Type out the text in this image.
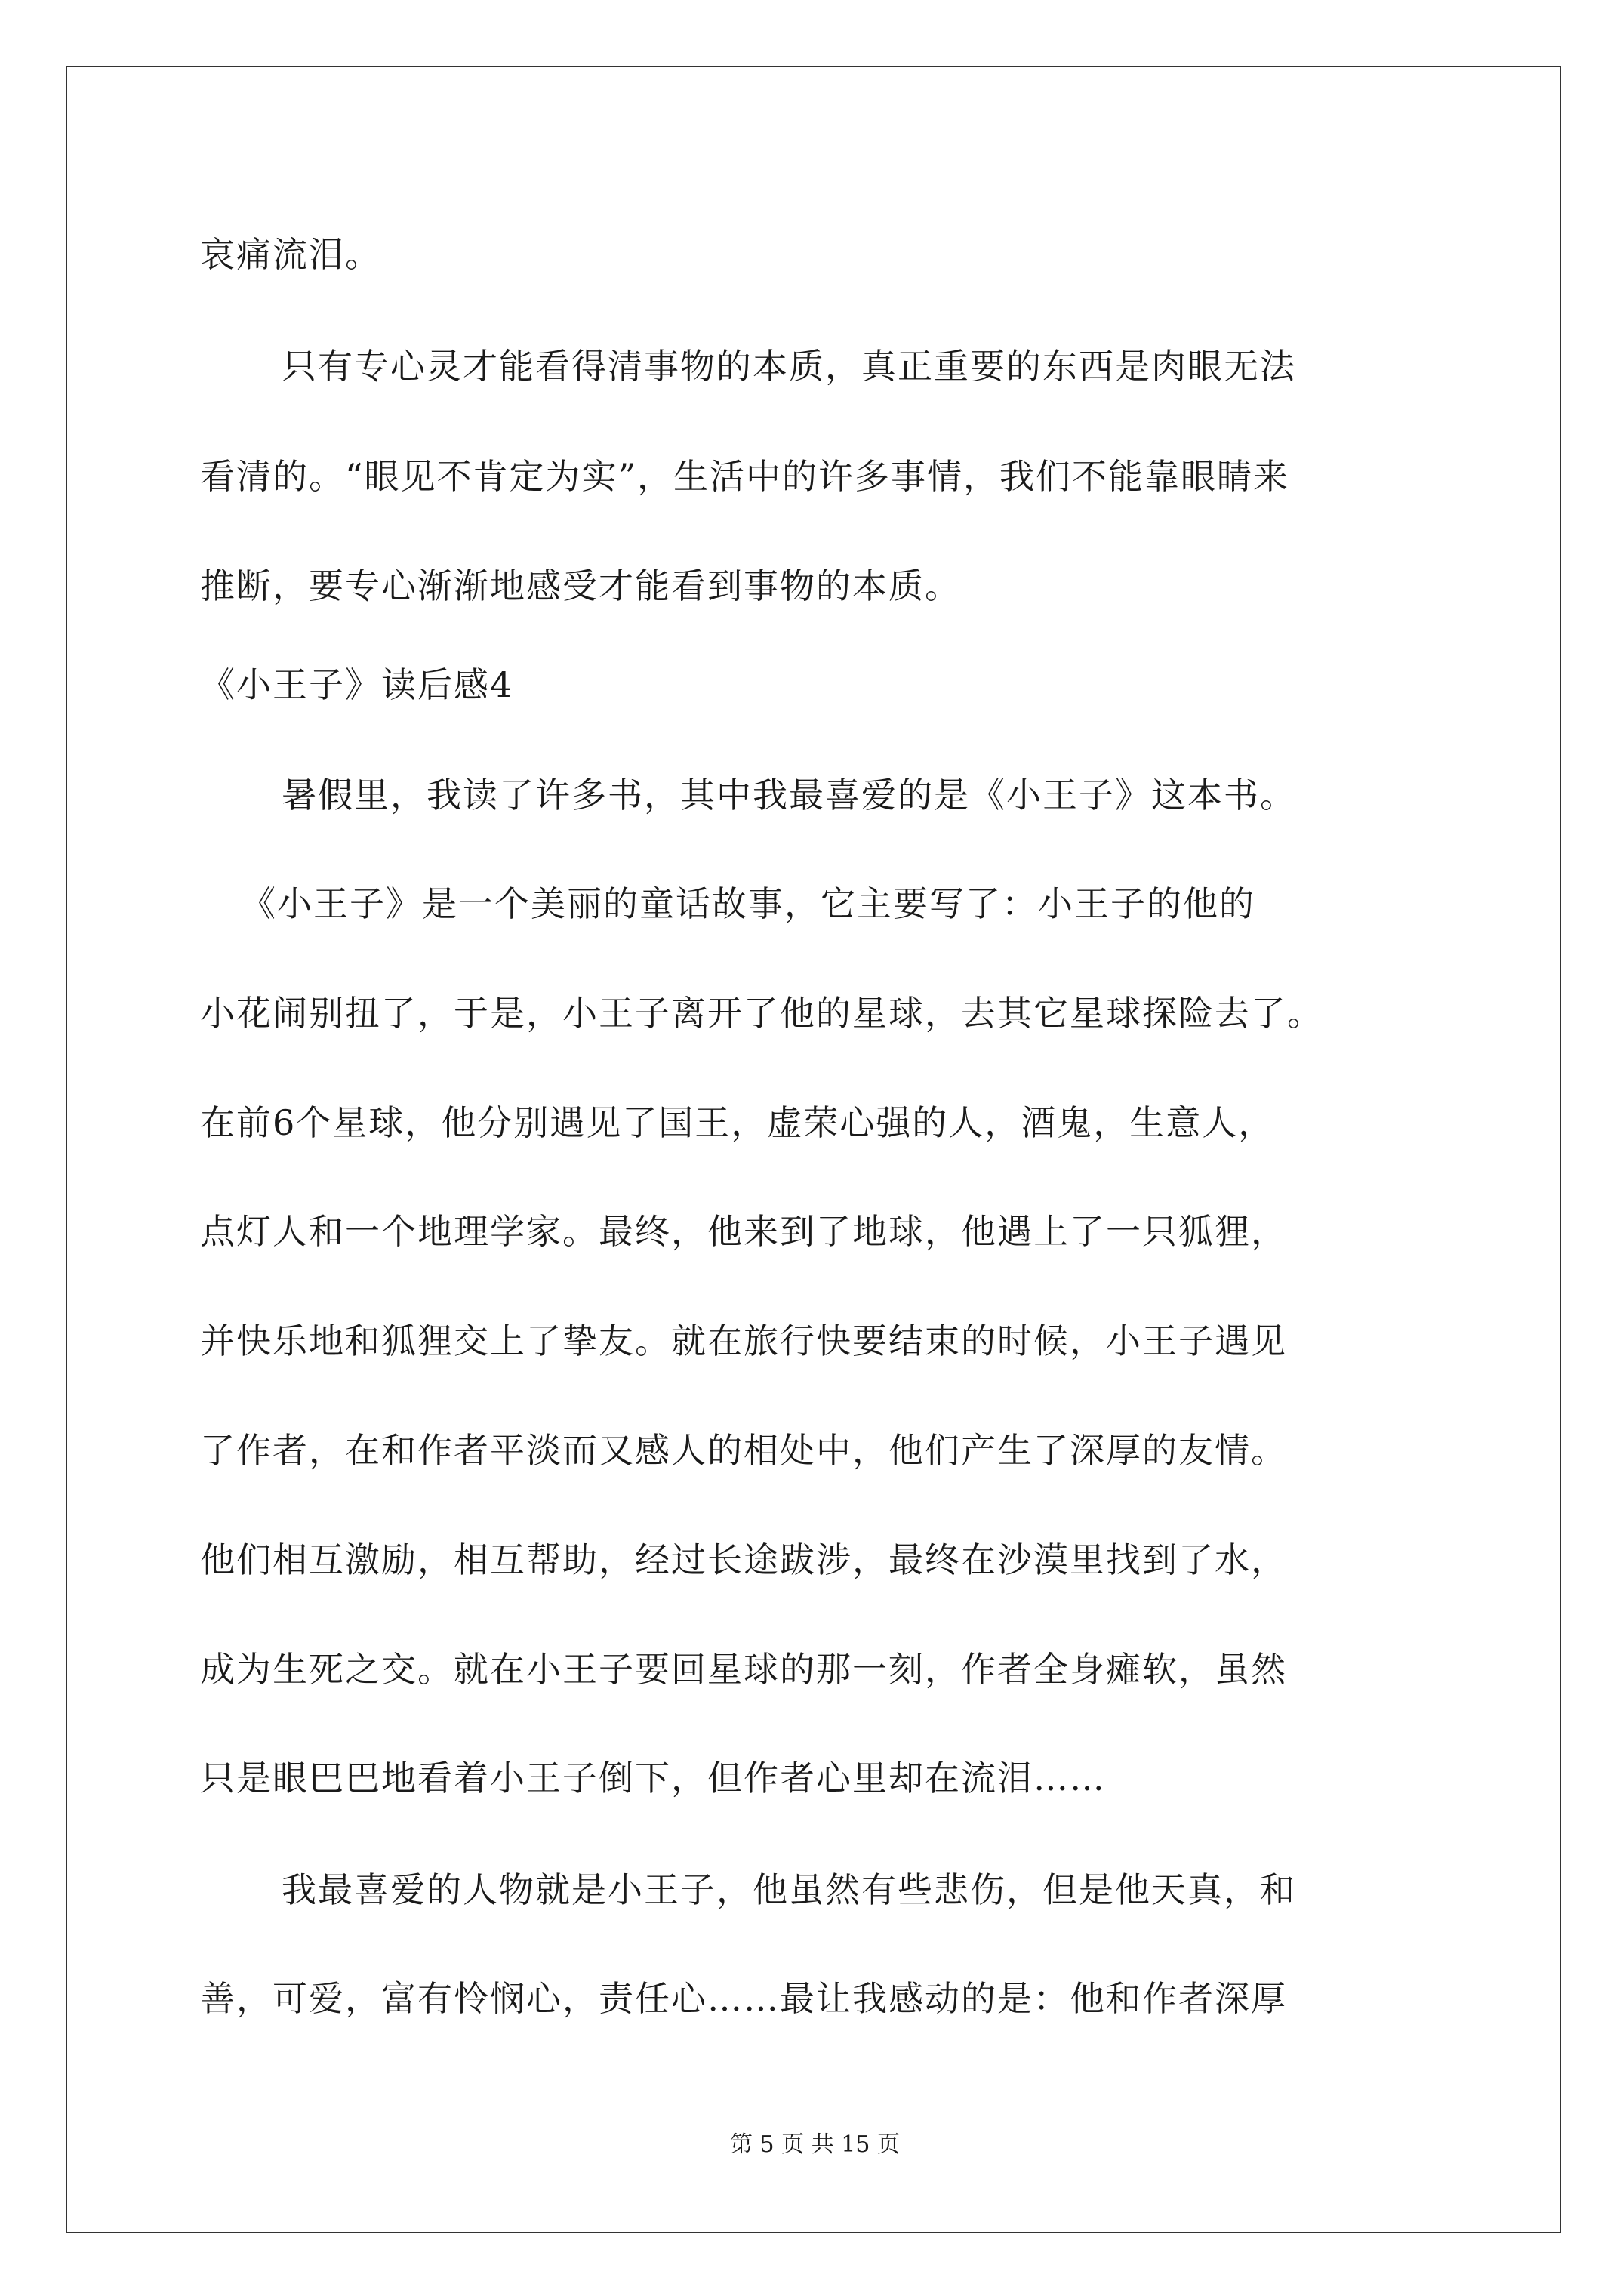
哀痛流泪。
只有专心灵才能看得清事物的本质，真正重要的东西是肉眼无法
看清的。“眼见不肯定为实”，生活中的许多事情，我们不能靠眼睛来
推断，要专心渐渐地感受才能看到事物的本质。
《小王子》读后感4
暑假里，我读了许多书，其中我最喜爱的是《小王子》这本书。
《小王子》是一个美丽的童话故事，它主要写了：小王子的他的
小花闹别扭了，于是，小王子离开了他的星球，去其它星球探险去了。
在前6个星球，他分别遇见了国王，虚荣心强的人，酒鬼，生意人，
点灯人和一个地理学家。最终，他来到了地球，他遇上了一只狐狸，
并快乐地和狐狸交上了挚友。就在旅行快要结束的时候，小王子遇见
了作者，在和作者平淡而又感人的相处中，他们产生了深厚的友情。
他们相互激励，相互帮助，经过长途跋涉，最终在沙漠里找到了水，
成为生死之交。就在小王子要回星球的那一刻，作者全身瘫软，虽然
只是眼巴巴地看着小王子倒下，但作者心里却在流泪……
我最喜爱的人物就是小王子，他虽然有些悲伤，但是他天真，和
善，可爱，富有怜悯心，责任心……最让我感动的是：他和作者深厚
第 5 页 共 15 页
